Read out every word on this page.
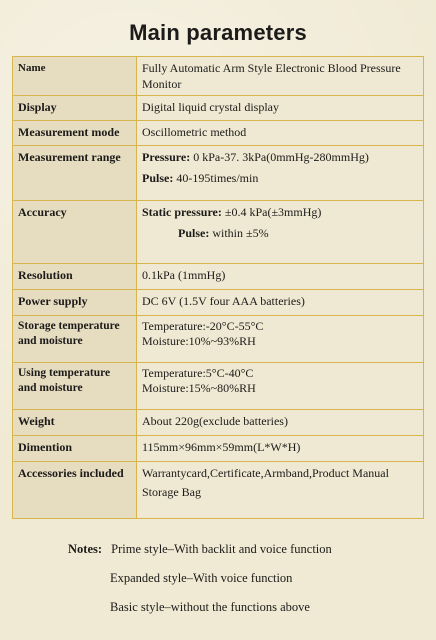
Main parameters
Name	Fully Automatic Arm Style Electronic Blood Pressure Monitor
Display	Digital liquid crystal display
Measurement mode	Oscillometric method
Measurement range	Pressure: 0 kPa-37. 3kPa(0mmHg-280mmHg)
Pulse: 40-195times/min

Accuracy	Static pressure: ±0.4 kPa(±3mmHg)
Pulse: within ±5%

Resolution	0.1kPa (1mmHg)
Power supply	DC 6V (1.5V four AAA batteries)
Storage temperature and moisture	Temperature:-20°C-55°C
Moisture:10%~93%RH

Using temperature and moisture	Temperature:5°C-40°C
Moisture:15%~80%RH

Weight	About 220g(exclude batteries)
Dimention	115mm×96mm×59mm(L*W*H)
Accessories included	Warrantycard,Certificate,Armband,Product Manual
Storage Bag
Notes: Prime style–With backlit and voice function
Expanded style–With voice function
Basic style–without the functions above
